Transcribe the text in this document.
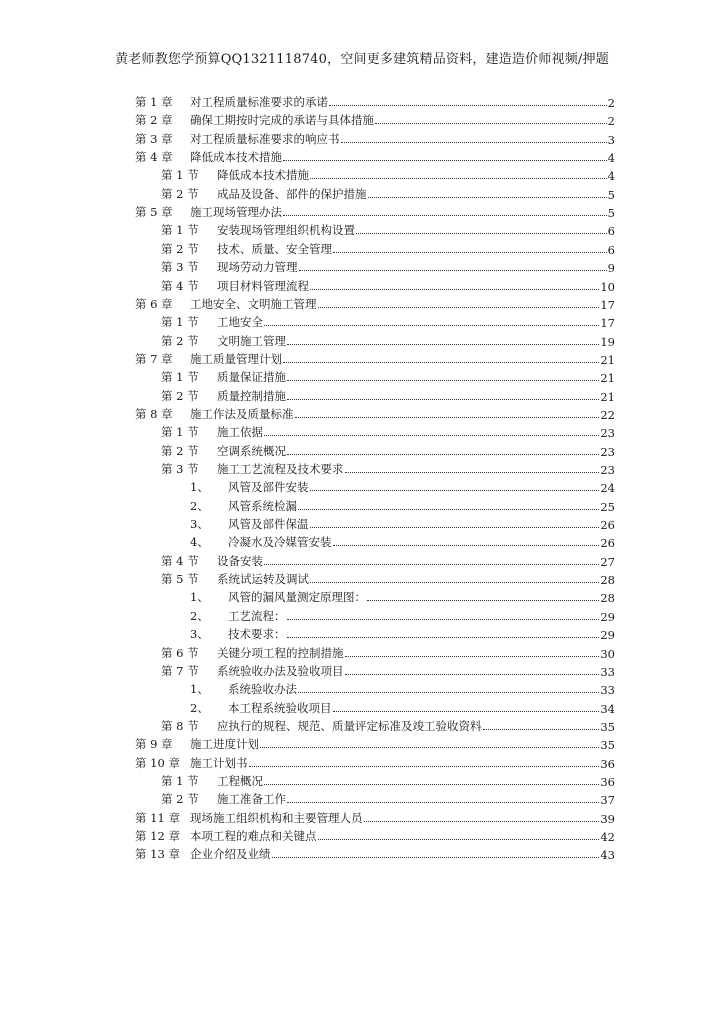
黄老师教您学预算QQ1321118740，空间更多建筑精品资料，建造造价师视频/押题
第 1 章	对工程质量标准要求的承诺	2
第 2 章	确保工期按时完成的承诺与具体措施	2
第 3 章	对工程质量标准要求的响应书	3
第 4 章	降低成本技术措施	4
第 1 节	降低成本技术措施	4
第 2 节	成品及设备、部件的保护措施	5
第 5 章	施工现场管理办法	5
第 1 节	安装现场管理组织机构设置	6
第 2 节	技术、质量、安全管理	6
第 3 节	现场劳动力管理	9
第 4 节	项目材料管理流程	10
第 6 章	工地安全、文明施工管理	17
第 1 节	工地安全	17
第 2 节	文明施工管理	19
第 7 章	施工质量管理计划	21
第 1 节	质量保证措施	21
第 2 节	质量控制措施	21
第 8 章	施工作法及质量标准	22
第 1 节	施工依据	23
第 2 节	空调系统概况	23
第 3 节	施工工艺流程及技术要求	23
1、	风管及部件安装	24
2、	风管系统检漏	25
3、	风管及部件保温	26
4、	冷凝水及冷媒管安装	26
第 4 节	设备安装	27
第 5 节	系统试运转及调试	28
1、	风管的漏风量测定原理图：	28
2、	工艺流程：	29
3、	技术要求：	29
第 6 节	关键分项工程的控制措施	30
第 7 节	系统验收办法及验收项目	33
1、	系统验收办法	33
2、	本工程系统验收项目	34
第 8 节	应执行的规程、规范、质量评定标准及竣工验收资料	35
第 9 章	施工进度计划	35
第 10 章 施工计划书	36
第 1 节	工程概况	36
第 2 节	施工准备工作	37
第 11 章 现场施工组织机构和主要管理人员	39
第 12 章 本项工程的难点和关键点	42
第 13 章 企业介绍及业绩	43
